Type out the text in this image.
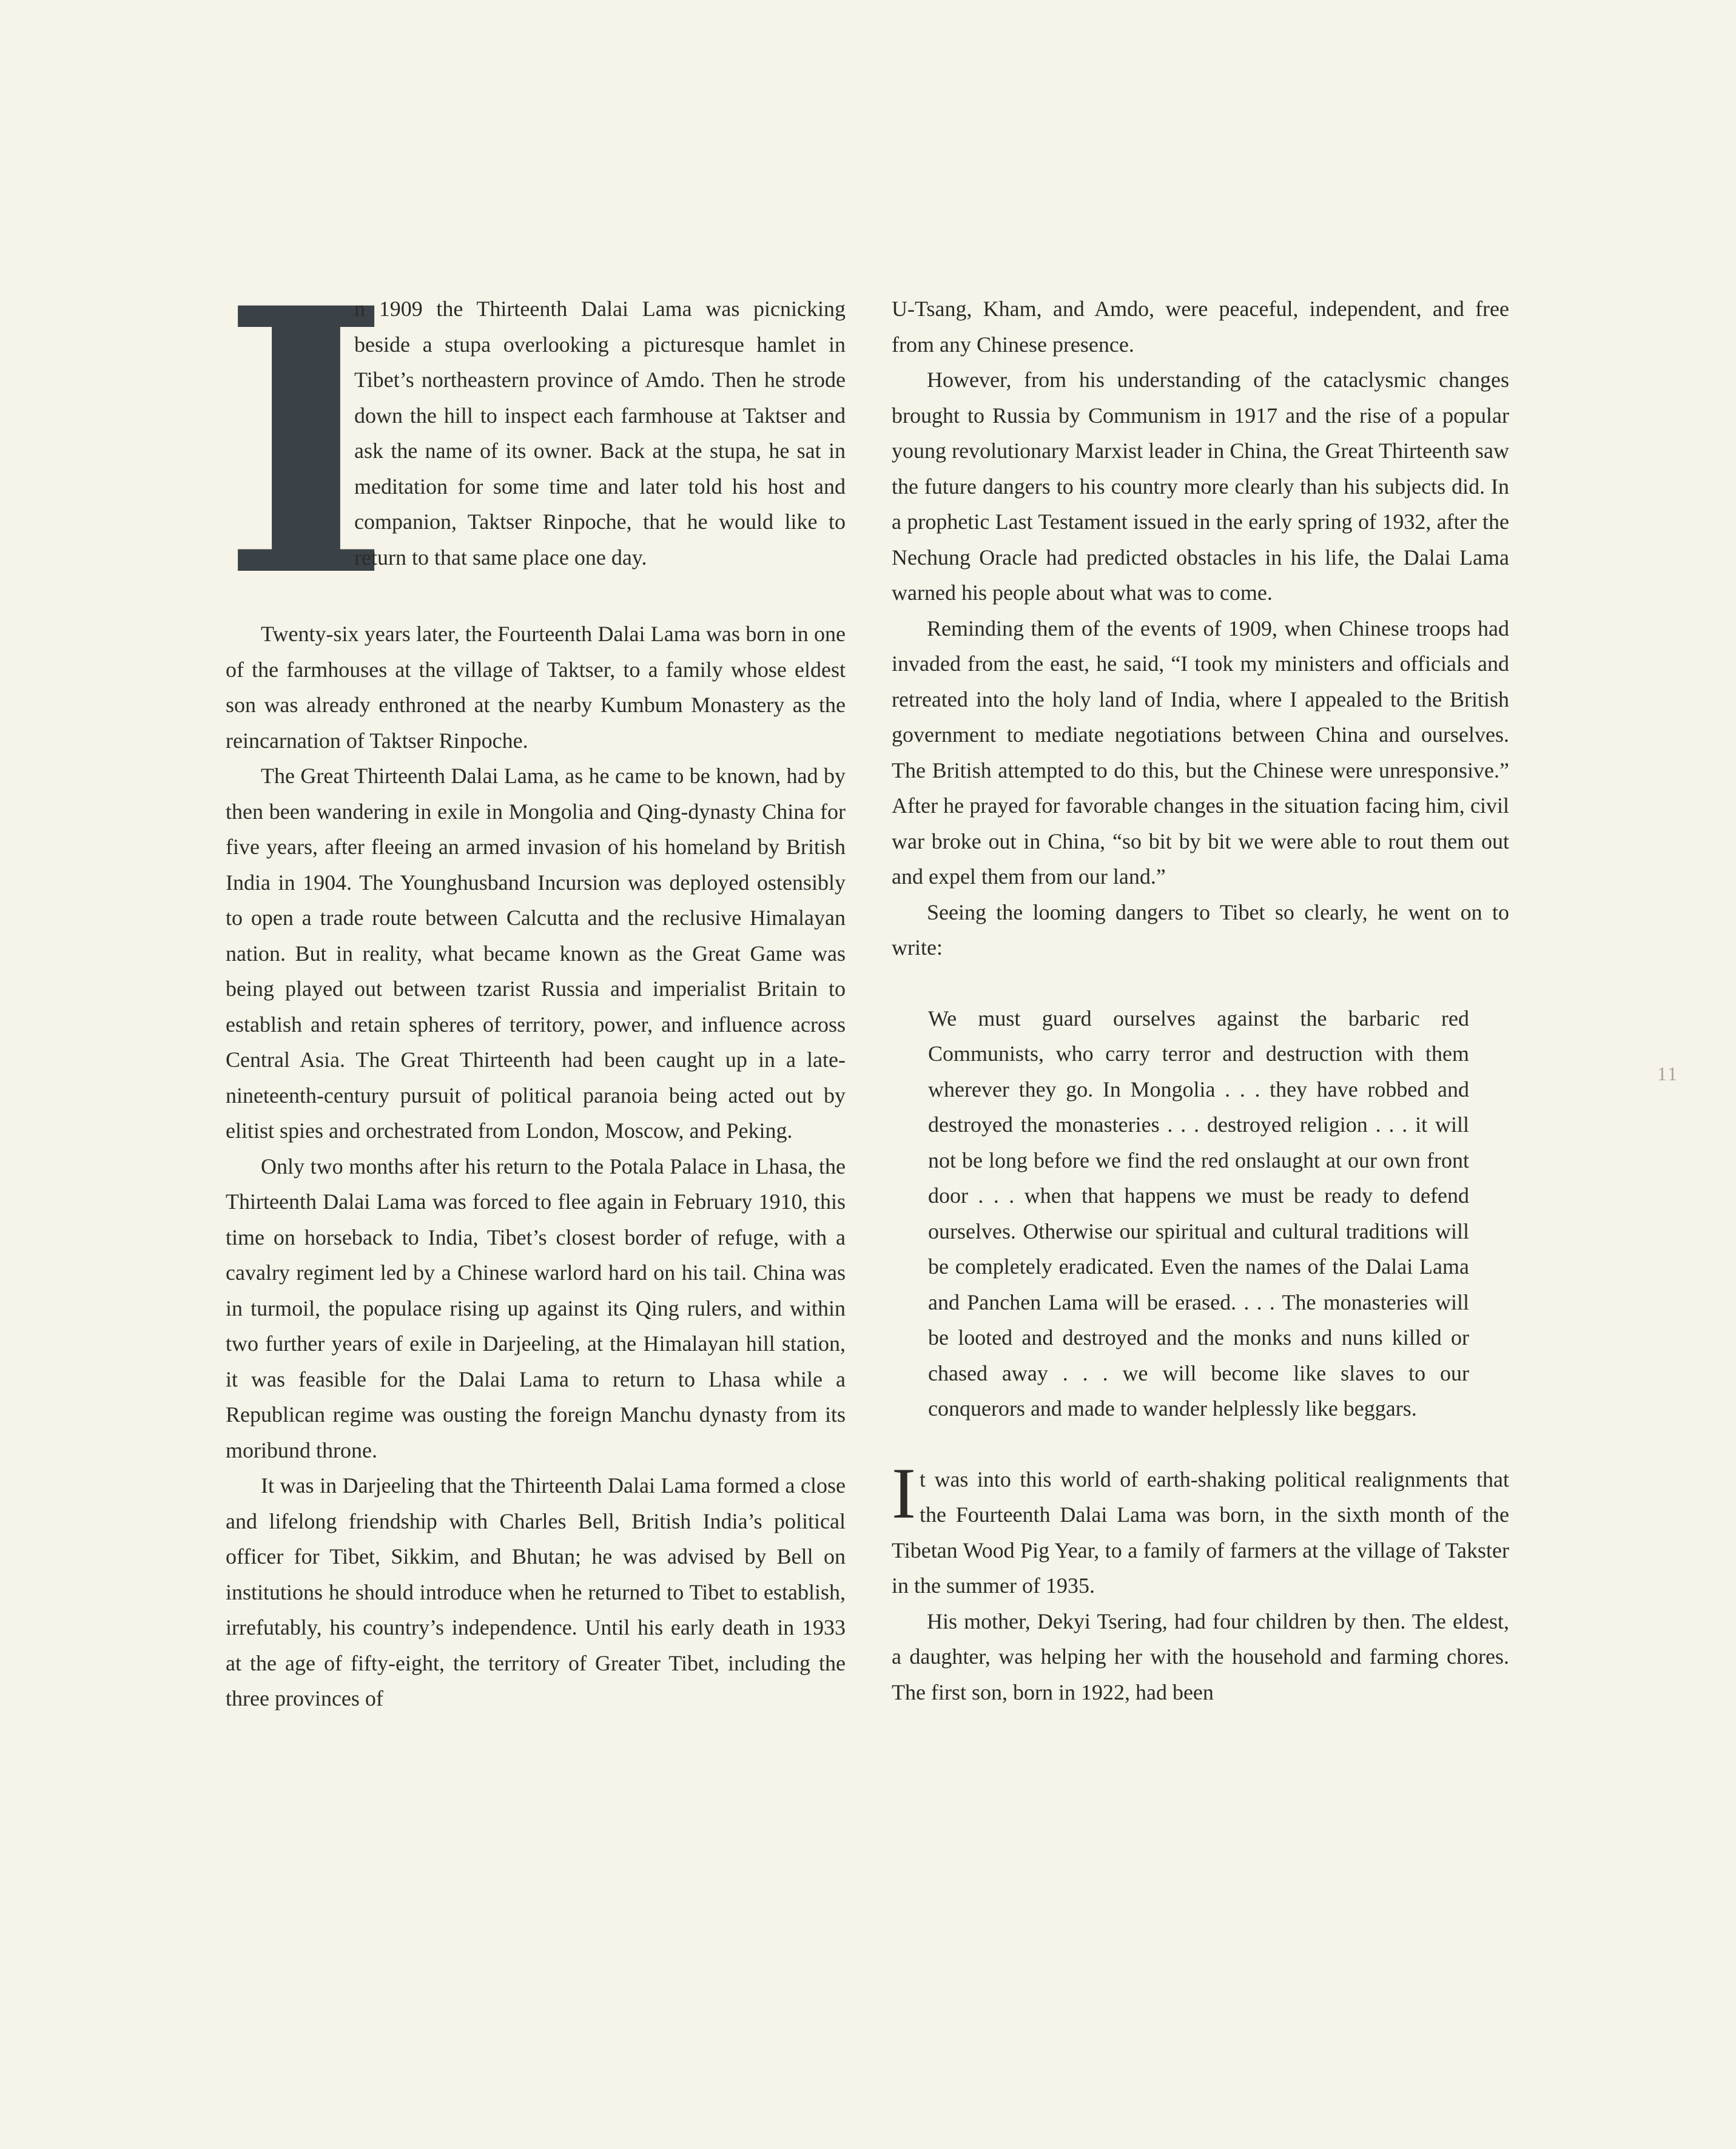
I

n 1909 the Thirteenth Dalai Lama was picnicking beside a stupa overlooking a picturesque hamlet in Tibet’s northeastern province of Amdo. Then he strode down the hill to inspect each farmhouse at Taktser and ask the name of its owner. Back at the stupa, he sat in meditation for some time and later told his host and companion, Taktser Rinpoche, that he would like to return to that same place one day.

Twenty-six years later, the Fourteenth Dalai Lama was born in one of the farmhouses at the village of Taktser, to a family whose eldest son was already enthroned at the nearby Kumbum Monastery as the reincarnation of Taktser Rinpoche.

The Great Thirteenth Dalai Lama, as he came to be known, had by then been wandering in exile in Mongolia and Qing-dynasty China for five years, after fleeing an armed invasion of his homeland by British India in 1904. The Younghusband Incursion was deployed ostensibly to open a trade route between Calcutta and the reclusive Himalayan nation. But in reality, what became known as the Great Game was being played out between tzarist Russia and imperialist Britain to establish and retain spheres of territory, power, and influence across Central Asia. The Great Thirteenth had been caught up in a late-nineteenth-century pursuit of political paranoia being acted out by elitist spies and orchestrated from London, Moscow, and Peking.

Only two months after his return to the Potala Palace in Lhasa, the Thirteenth Dalai Lama was forced to flee again in February 1910, this time on horseback to India, Tibet’s closest border of refuge, with a cavalry regiment led by a Chinese warlord hard on his tail. China was in turmoil, the populace rising up against its Qing rulers, and within two further years of exile in Darjeeling, at the Himalayan hill station, it was feasible for the Dalai Lama to return to Lhasa while a Republican regime was ousting the foreign Manchu dynasty from its moribund throne.

It was in Darjeeling that the Thirteenth Dalai Lama formed a close and lifelong friendship with Charles Bell, British India’s political officer for Tibet, Sikkim, and Bhutan; he was advised by Bell on institutions he should introduce when he returned to Tibet to establish, irrefutably, his country’s independence. Until his early death in 1933 at the age of fifty-eight, the territory of Greater Tibet, including the three provinces of

U-Tsang, Kham, and Amdo, were peaceful, independent, and free from any Chinese presence.

However, from his understanding of the cataclysmic changes brought to Russia by Communism in 1917 and the rise of a popular young revolutionary Marxist leader in China, the Great Thirteenth saw the future dangers to his country more clearly than his subjects did. In a prophetic Last Testament issued in the early spring of 1932, after the Nechung Oracle had predicted obstacles in his life, the Dalai Lama warned his people about what was to come.

Reminding them of the events of 1909, when Chinese troops had invaded from the east, he said, “I took my ministers and officials and retreated into the holy land of India, where I appealed to the British government to mediate negotiations between China and ourselves. The British attempted to do this, but the Chinese were unresponsive.” After he prayed for favorable changes in the situation facing him, civil war broke out in China, “so bit by bit we were able to rout them out and expel them from our land.”

Seeing the looming dangers to Tibet so clearly, he went on to write:

We must guard ourselves against the barbaric red Communists, who carry terror and destruction with them wherever they go. In Mongolia . . . they have robbed and destroyed the monasteries . . . destroyed religion . . . it will not be long before we find the red onslaught at our own front door . . . when that happens we must be ready to defend ourselves. Otherwise our spiritual and cultural traditions will be completely eradicated. Even the names of the Dalai Lama and Panchen Lama will be erased. . . . The monasteries will be looted and destroyed and the monks and nuns killed or chased away . . . we will become like slaves to our conquerors and made to wander helplessly like beggars.

I t was into this world of earth-shaking political realignments that the Fourteenth Dalai Lama was born, in the sixth month of the Tibetan Wood Pig Year, to a family of farmers at the village of Takster in the summer of 1935.

His mother, Dekyi Tsering, had four children by then. The eldest, a daughter, was helping her with the household and farming chores. The first son, born in 1922, had been

11
